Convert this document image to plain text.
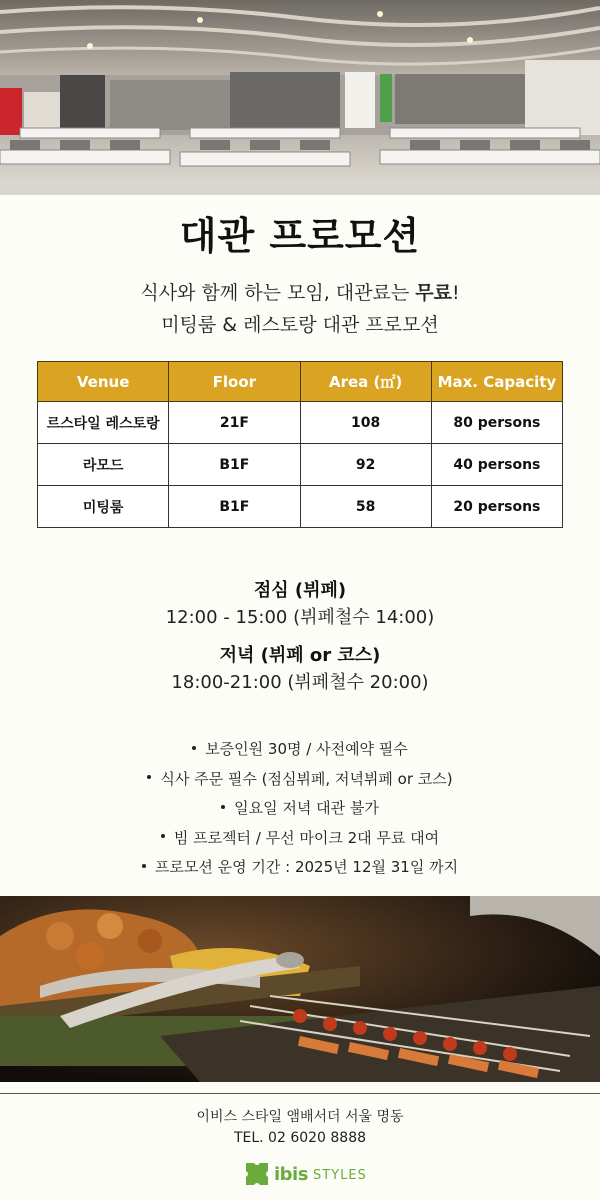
대관 프로모션
식사와 함께 하는 모임, 대관료는 무료!
미팅룸 & 레스토랑 대관 프로모션
Venue	Floor	Area (㎡)	Max. Capacity
르스타일 레스토랑	21F	108	80 persons
라모드	B1F	92	40 persons
미팅룸	B1F	58	20 persons
점심 (뷔페)
12:00 - 15:00 (뷔페철수 14:00)
저녁 (뷔페 or 코스)
18:00-21:00 (뷔페철수 20:00)
보증인원 30명 / 사전예약 필수
식사 주문 필수 (점심뷔페, 저녁뷔페 or 코스)
일요일 저녁 대관 불가
빔 프로젝터 / 무선 마이크 2대 무료 대여
프로모션 운영 기간 : 2025년 12월 31일 까지
이비스 스타일 앰배서더 서울 명동
TEL. 02 6020 8888
ibis STYLES
